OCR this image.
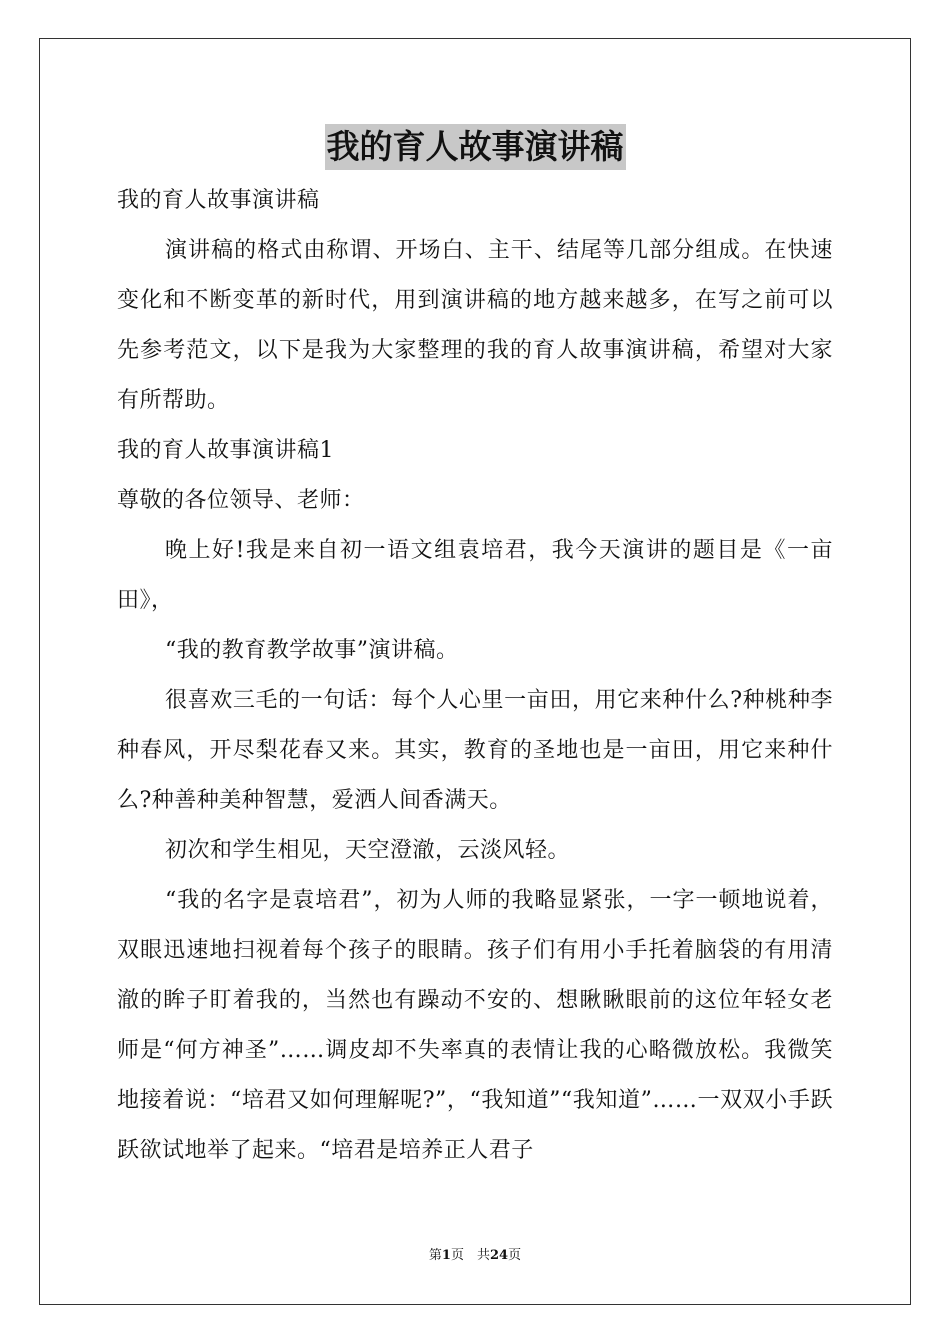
我的育人故事演讲稿
我的育人故事演讲稿

演讲稿的格式由称谓、开场白、主干、结尾等几部分组成。在快速变化和不断变革的新时代，用到演讲稿的地方越来越多，在写之前可以先参考范文，以下是我为大家整理的我的育人故事演讲稿，希望对大家有所帮助。

我的育人故事演讲稿1
尊敬的各位领导、老师：

晚上好!我是来自初一语文组袁培君，我今天演讲的题目是《一亩田》，

“我的教育教学故事”演讲稿。

很喜欢三毛的一句话：每个人心里一亩田，用它来种什么?种桃种李种春风，开尽梨花春又来。其实，教育的圣地也是一亩田，用它来种什么?种善种美种智慧，爱洒人间香满天。

初次和学生相见，天空澄澈，云淡风轻。

“我的名字是袁培君”，初为人师的我略显紧张，一字一顿地说着，双眼迅速地扫视着每个孩子的眼睛。孩子们有用小手托着脑袋的有用清澈的眸子盯着我的，当然也有躁动不安的、想瞅瞅眼前的这位年轻女老师是“何方神圣”……调皮却不失率真的表情让我的心略微放松。我微笑地接着说：“培君又如何理解呢?”，“我知道”“我知道”……一双双小手跃跃欲试地举了起来。“培君是培养正人君子

第1页　共24页
